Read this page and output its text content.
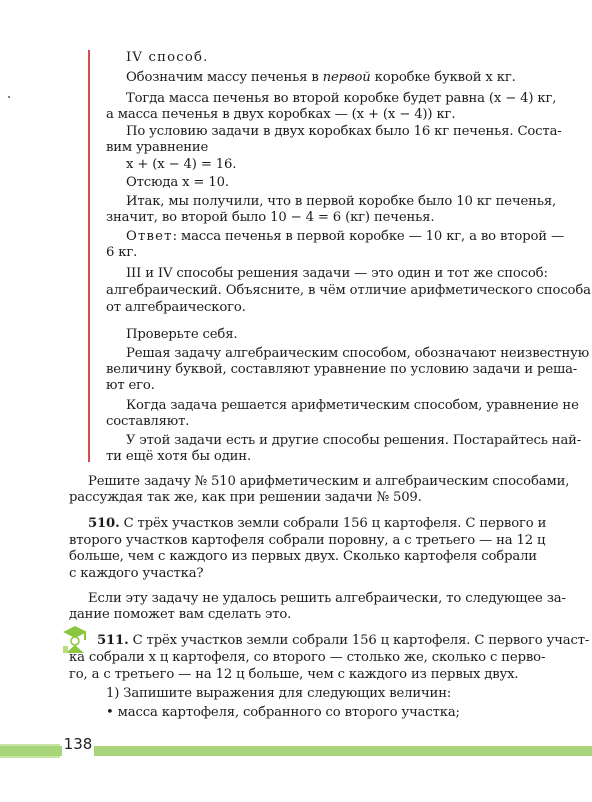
IV способ.
Обозначим массу печенья в первой коробке буквой x кг.
Тогда масса печенья во второй коробке будет равна (x − 4) кг,
а масса печенья в двух коробках — (x + (x − 4)) кг.
По условию задачи в двух коробках было 16 кг печенья. Соста-
вим уравнение
x + (x − 4) = 16.
Отсюда x = 10.
Итак, мы получили, что в первой коробке было 10 кг печенья,
значит, во второй было 10 − 4 = 6 (кг) печенья.
Ответ: масса печенья в первой коробке — 10 кг, а во второй —
6 кг.
III и IV способы решения задачи — это один и тот же способ:
алгебраический. Объясните, в чём отличие арифметического способа
от алгебраического.
Проверьте себя.
Решая задачу алгебраическим способом, обозначают неизвестную
величину буквой, составляют уравнение по условию задачи и реша-
ют его.
Когда задача решается арифметическим способом, уравнение не
составляют.
У этой задачи есть и другие способы решения. Постарайтесь най-
ти ещё хотя бы один.
Решите задачу № 510 арифметическим и алгебраическим способами,
рассуждая так же, как при решении задачи № 509.
510. С трёх участков земли собрали 156 ц картофеля. С первого и
второго участков картофеля собрали поровну, а с третьего — на 12 ц
больше, чем с каждого из первых двух. Сколько картофеля собрали
с каждого участка?
Если эту задачу не удалось решить алгебраически, то следующее за-
дание поможет вам сделать это.
511. С трёх участков земли собрали 156 ц картофеля. С первого участ-
ка собрали x ц картофеля, со второго — столько же, сколько с перво-
го, а с третьего — на 12 ц больше, чем с каждого из первых двух.
1) Запишите выражения для следующих величин:
• масса картофеля, собранного со второго участка;
138
